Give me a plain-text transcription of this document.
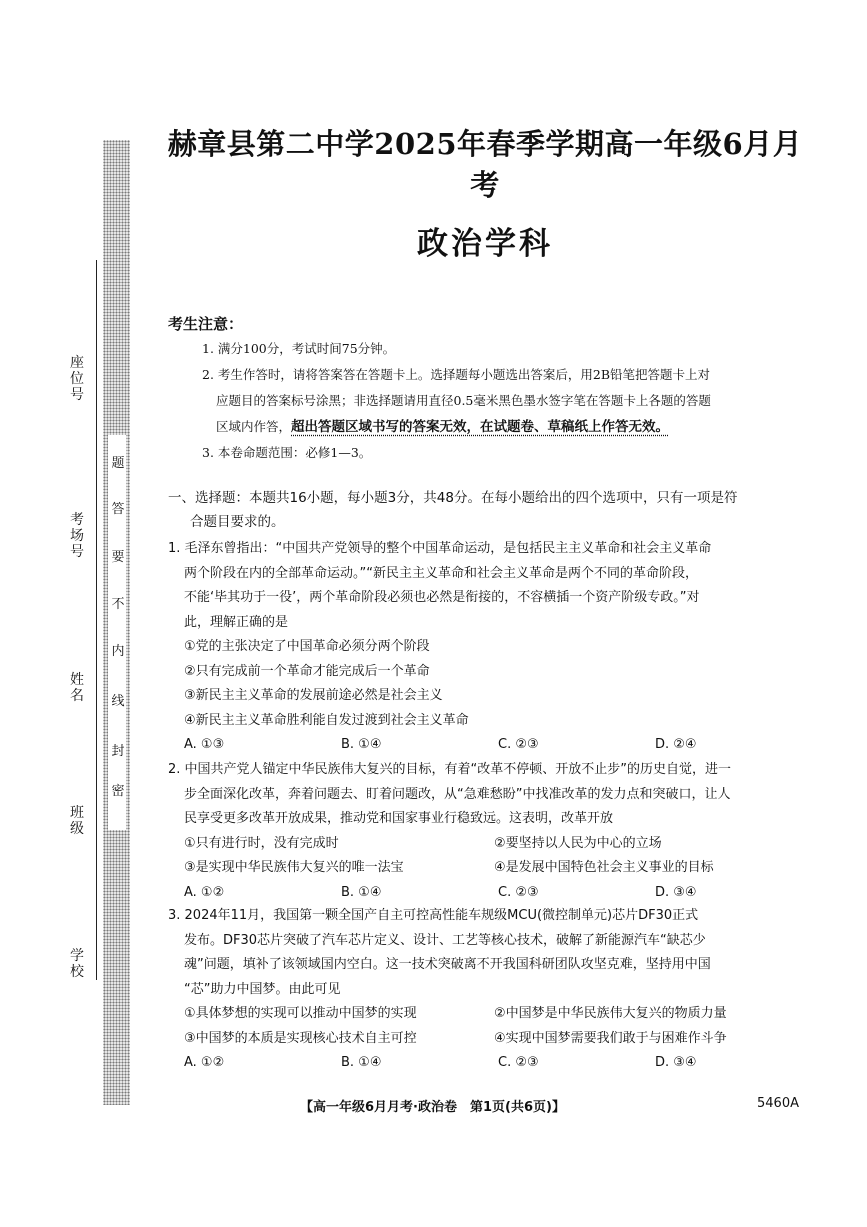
座位号
考场号
姓名
班级
学校
密
封
线
内
不
要
答
题
赫章县第二中学2025年春季学期高一年级6月月考
政治学科
考生注意：
1. 满分100分，考试时间75分钟。
2. 考生作答时，请将答案答在答题卡上。选择题每小题选出答案后，用2B铅笔把答题卡上对
应题目的答案标号涂黑；非选择题请用直径0.5毫米黑色墨水签字笔在答题卡上各题的答题
区域内作答，超出答题区域书写的答案无效，在试题卷、草稿纸上作答无效。
3. 本卷命题范围：必修1—3。
一、选择题：本题共16小题，每小题3分，共48分。在每小题给出的四个选项中，只有一项是符
合题目要求的。

1. 毛泽东曾指出：“中国共产党领导的整个中国革命运动，是包括民主主义革命和社会主义革命

两个阶段在内的全部革命运动。”“新民主主义革命和社会主义革命是两个不同的革命阶段，

不能‘毕其功于一役’，两个革命阶段必须也必然是衔接的，不容横插一个资产阶级专政。”对

此，理解正确的是

①党的主张决定了中国革命必须分两个阶段

②只有完成前一个革命才能完成后一个革命

③新民主主义革命的发展前途必然是社会主义

④新民主主义革命胜利能自发过渡到社会主义革命

A. ①③	B. ①④	C. ②③	D. ②④

2. 中国共产党人锚定中华民族伟大复兴的目标，有着“改革不停顿、开放不止步”的历史自觉，进一

步全面深化改革，奔着问题去、盯着问题改，从“急难愁盼”中找准改革的发力点和突破口，让人

民享受更多改革开放成果，推动党和国家事业行稳致远。这表明，改革开放

①只有进行时，没有完成时	②要坚持以人民为中心的立场
③是实现中华民族伟大复兴的唯一法宝	④是发展中国特色社会主义事业的目标
A. ①②	B. ①④	C. ②③	D. ③④

3. 2024年11月，我国第一颗全国产自主可控高性能车规级MCU(微控制单元)芯片DF30正式

发布。DF30芯片突破了汽车芯片定义、设计、工艺等核心技术，破解了新能源汽车“缺芯少

魂”问题，填补了该领域国内空白。这一技术突破离不开我国科研团队攻坚克难，坚持用中国

“芯”助力中国梦。由此可见

①具体梦想的实现可以推动中国梦的实现	②中国梦是中华民族伟大复兴的物质力量
③中国梦的本质是实现核心技术自主可控	④实现中国梦需要我们敢于与困难作斗争
A. ①②	B. ①④	C. ②③	D. ③④
【高一年级6月月考·政治卷　第1页(共6页)】	5460A
